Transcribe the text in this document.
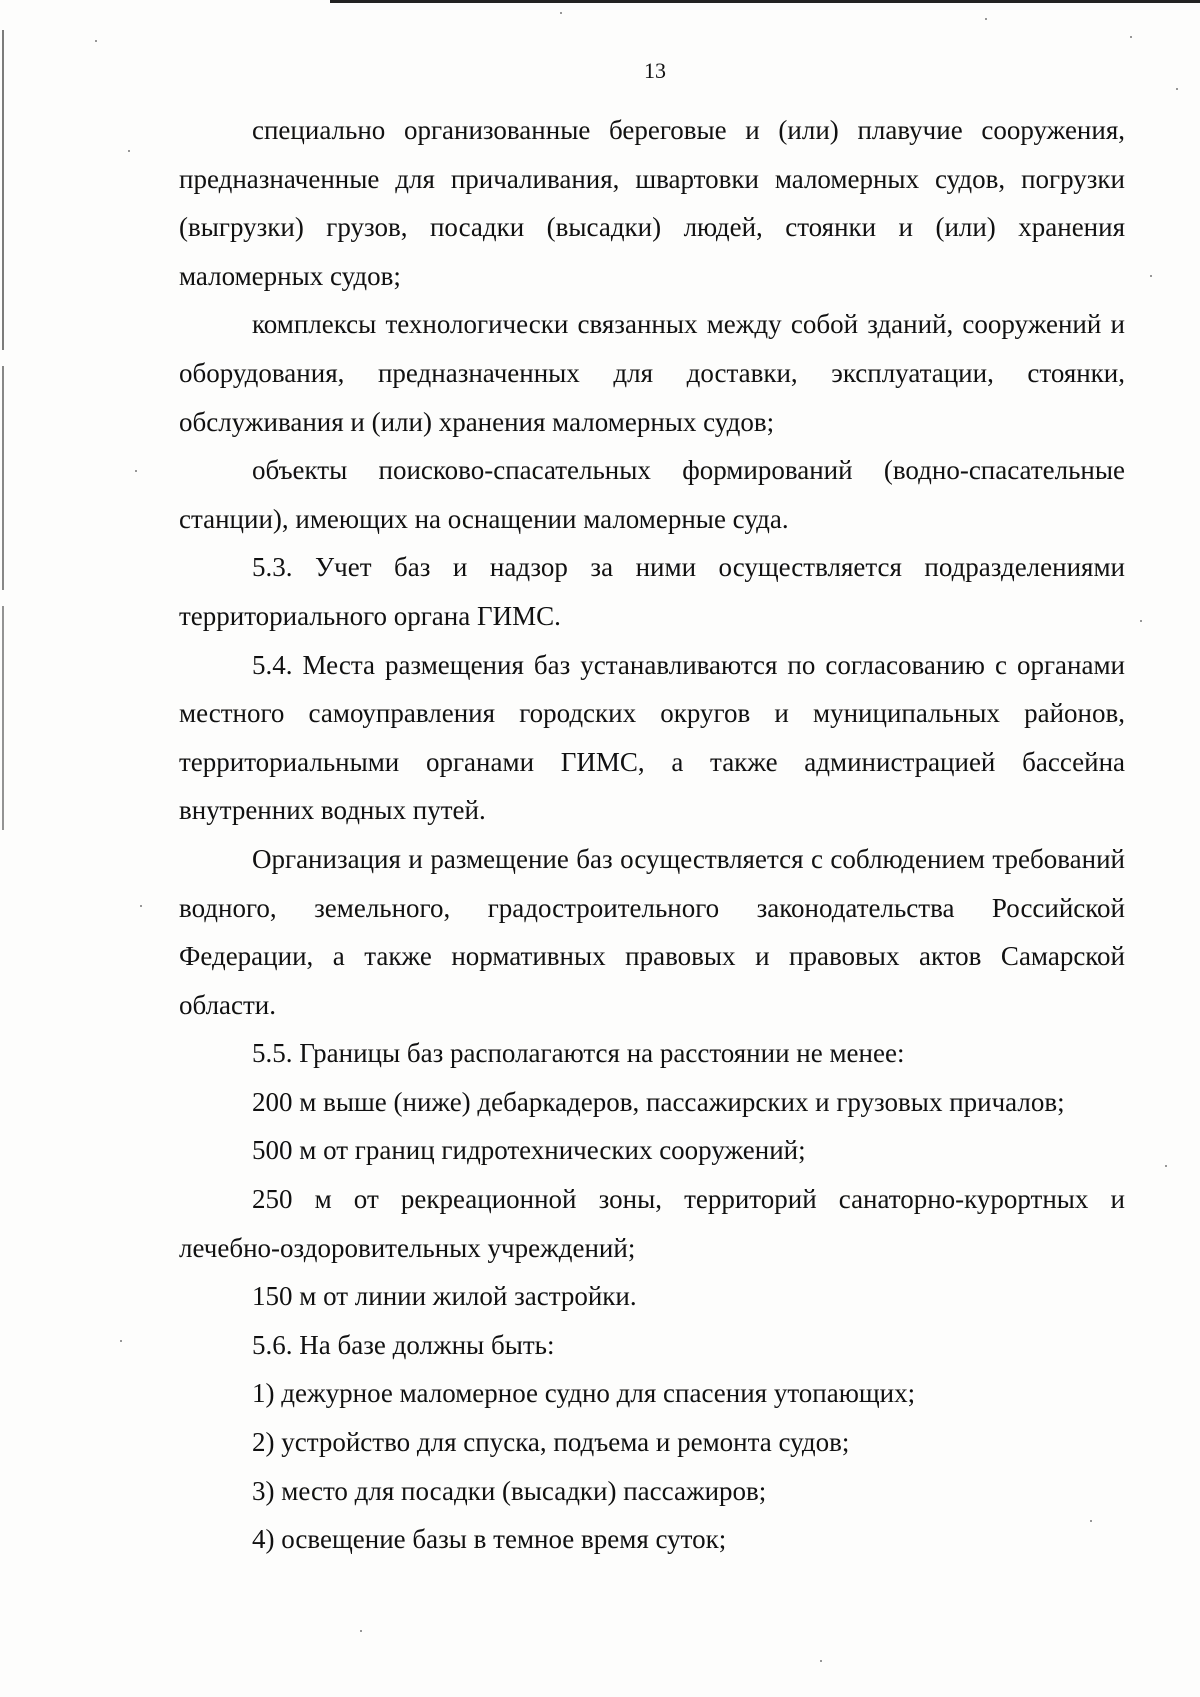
13

специально организованные береговые и (или) плавучие сооружения, предназначенные для причаливания, швартовки маломерных судов, погрузки (выгрузки) грузов, посадки (высадки) людей, стоянки и (или) хранения маломерных судов;

комплексы технологически связанных между собой зданий, сооружений и оборудования, предназначенных для доставки, эксплуатации, стоянки, обслуживания и (или) хранения маломерных судов;

объекты поисково-спасательных формирований (водно-спасательные станции), имеющих на оснащении маломерные суда.

5.3. Учет баз и надзор за ними осуществляется подразделениями территориального органа ГИМС.

5.4. Места размещения баз устанавливаются по согласованию с органами местного самоуправления городских округов и муниципальных районов, территориальными органами ГИМС, а также администрацией бассейна внутренних водных путей.

Организация и размещение баз осуществляется с соблюдением требований водного, земельного, градостроительного законодательства Российской Федерации, а также нормативных правовых и правовых актов Самарской области.

5.5. Границы баз располагаются на расстоянии не менее:

200 м выше (ниже) дебаркадеров, пассажирских и грузовых причалов;

500 м от границ гидротехнических сооружений;

250 м от рекреационной зоны, территорий санаторно-курортных и лечебно-оздоровительных учреждений;

150 м от линии жилой застройки.

5.6. На базе должны быть:

1) дежурное маломерное судно для спасения утопающих;

2) устройство для спуска, подъема и ремонта судов;

3) место для посадки (высадки) пассажиров;

4) освещение базы в темное время суток;
